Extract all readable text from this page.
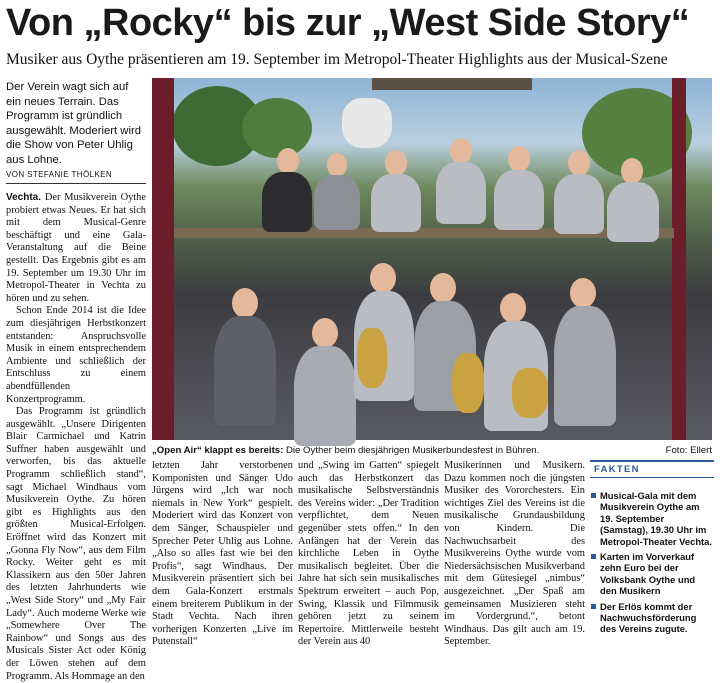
Von „Rocky“ bis zur „West Side Story“
Musiker aus Oythe präsentieren am 19. September im Metropol-Theater Highlights aus der Musical-Szene
Der Verein wagt sich auf ein neues Terrain. Das Programm ist gründlich ausgewählt. Moderiert wird die Show von Peter Uhlig aus Lohne.
VON STEFANIE THÖLKEN

Vechta. Der Musikverein Oythe probiert etwas Neues. Er hat sich mit dem Musical-Genre beschäftigt und eine Gala-Veranstaltung auf die Beine gestellt. Das Ergebnis gibt es am 19. September um 19.30 Uhr im Metropol-Theater in Vechta zu hören und zu sehen.

Schon Ende 2014 ist die Idee zum diesjährigen Herbstkonzert entstanden: Anspruchsvolle Musik in einem entsprechendem Ambiente und schließlich der Entschluss zu einem abendfüllenden Konzertprogramm.

Das Programm ist gründlich ausgewählt. „Unsere Dirigenten Blair Carmichael und Katrin Suffner haben ausgewählt und verworfen, bis das aktuelle Programm schließlich stand“, sagt Michael Windhaus vom Musikverein Oythe. Zu hören gibt es Highlights aus den größten Musical-Erfolgen. Eröffnet wird das Konzert mit „Gonna Fly Now“, aus dem Film Rocky. Weiter geht es mit Klassikern aus den 50er Jahren des letzten Jahrhunderts wie „West Side Story“ und „My Fair Lady“. Auch moderne Werke wie „Somewhere Over The Rainbow“ und Songs aus des Musicals Sister Act oder König der Löwen stehen auf dem Programm. Als Hommage an den

„Open Air“ klappt es bereits: Die Oyther beim diesjährigen Musikerbundesfest in Bühren.	Foto: Ellert

letzten Jahr verstorbenen Komponisten und Sänger Udo Jürgens wird „Ich war noch niemals in New York“ gespielt. Moderiert wird das Konzert von dem Sänger, Schauspieler und Sprecher Peter Uhlig aus Lohne. „Also so alles fast wie bei den Profis“, sagt Windhaus. Der Musikverein präsentiert sich bei dem Gala-Konzert erstmals einem breiterem Publikum in der Stadt Vechta. Nach ihren vorherigen Konzerten „Live im Putenstall“

und „Swing im Garten“ spiegelt auch das Herbstkonzert das musikalische Selbstverständnis des Vereins wider: „Der Tradition verpflichtet, dem Neuen gegenüber stets offen.“ In den Anfängen hat der Verein das kirchliche Leben in Oythe musikalisch begleitet. Über die Jahre hat sich sein musikalisches Spektrum erweitert – auch Pop, Swing, Klassik und Filmmusik gehören jetzt zu seinem Repertoire. Mittlerweile besteht der Verein aus 40

Musikerinnen und Musikern. Dazu kommen noch die jüngsten Musiker des Vororchesters. Ein wichtiges Ziel des Vereins ist die musikalische Grundausbildung von Kindern. Die Nachwuchsarbeit des Musikvereins Oythe wurde vom Niedersächsischen Musikverband mit dem Gütesiegel „nimbus“ ausgezeichnet. „Der Spaß am gemeinsamen Musizieren steht im Vordergrund.“, betont Windhaus. Das gilt auch am 19. September.

FAKTEN
Musical-Gala mit dem Musikverein Oythe am 19. September (Samstag), 19.30 Uhr im Metropol-Theater Vechta.
Karten im Vorverkauf zehn Euro bei der Volksbank Oythe und den Musikern
Der Erlös kommt der Nachwuchsförderung des Vereins zugute.
